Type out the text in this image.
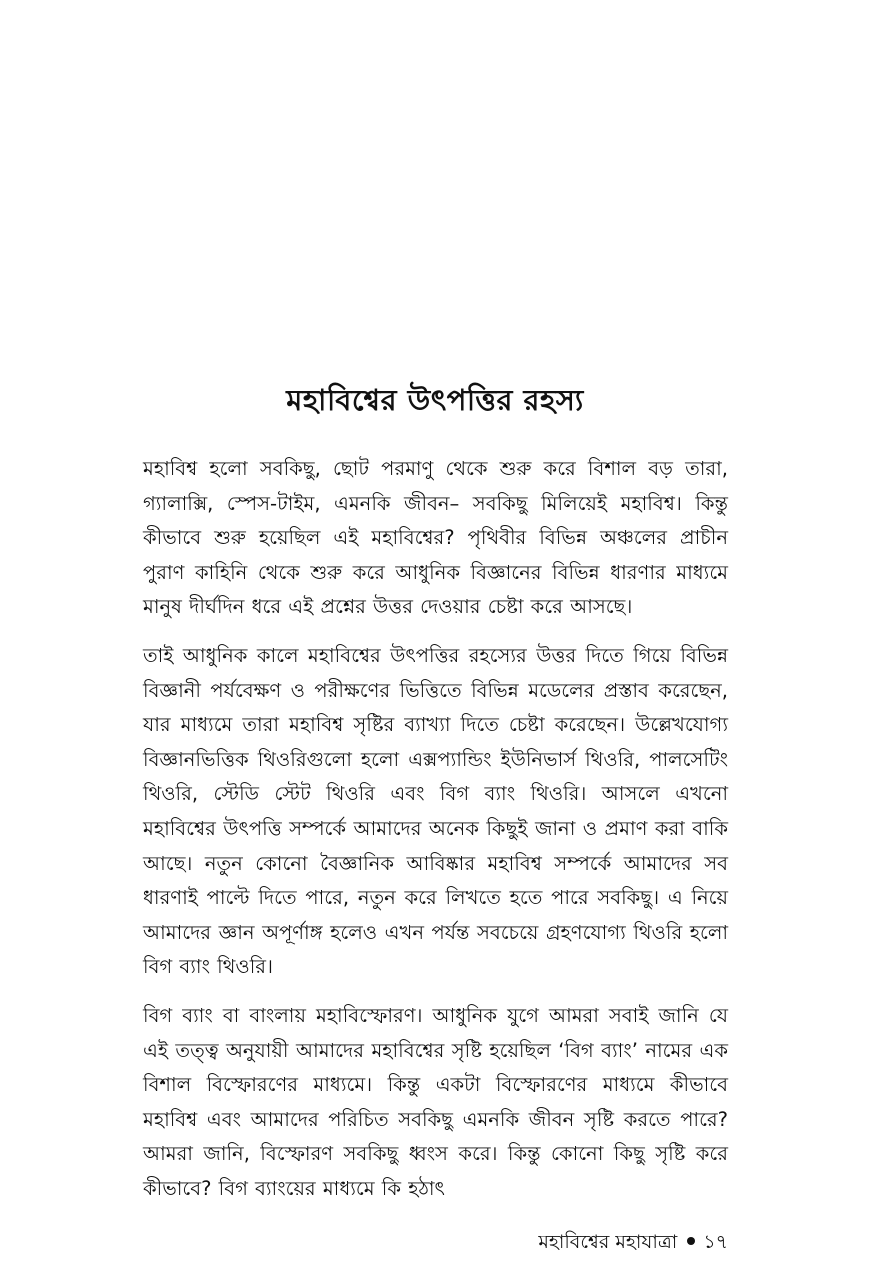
মহাবিশ্বের উৎপত্তির রহস্য

মহাবিশ্ব হলো সবকিছু, ছোট পরমাণু থেকে শুরু করে বিশাল বড় তারা, গ্যালাক্সি, স্পেস-টাইম, এমনকি জীবন– সবকিছু মিলিয়েই মহাবিশ্ব। কিন্তু কীভাবে শুরু হয়েছিল এই মহাবিশ্বের? পৃথিবীর বিভিন্ন অঞ্চলের প্রাচীন পুরাণ কাহিনি থেকে শুরু করে আধুনিক বিজ্ঞানের বিভিন্ন ধারণার মাধ্যমে মানুষ দীর্ঘদিন ধরে এই প্রশ্নের উত্তর দেওয়ার চেষ্টা করে আসছে।

তাই আধুনিক কালে মহাবিশ্বের উৎপত্তির রহস্যের উত্তর দিতে গিয়ে বিভিন্ন বিজ্ঞানী পর্যবেক্ষণ ও পরীক্ষণের ভিত্তিতে বিভিন্ন মডেলের প্রস্তাব করেছেন, যার মাধ্যমে তারা মহাবিশ্ব সৃষ্টির ব্যাখ্যা দিতে চেষ্টা করেছেন। উল্লেখযোগ্য বিজ্ঞানভিত্তিক থিওরিগুলো হলো এক্সপ্যান্ডিং ইউনিভার্স থিওরি, পালসেটিং থিওরি, স্টেডি স্টেট থিওরি এবং বিগ ব্যাং থিওরি। আসলে এখনো মহাবিশ্বের উৎপত্তি সম্পর্কে আমাদের অনেক কিছুই জানা ও প্রমাণ করা বাকি আছে। নতুন কোনো বৈজ্ঞানিক আবিষ্কার মহাবিশ্ব সম্পর্কে আমাদের সব ধারণাই পাল্টে দিতে পারে, নতুন করে লিখতে হতে পারে সবকিছু। এ নিয়ে আমাদের জ্ঞান অপূর্ণাঙ্গ হলেও এখন পর্যন্ত সবচেয়ে গ্রহণযোগ্য থিওরি হলো বিগ ব্যাং থিওরি।

বিগ ব্যাং বা বাংলায় মহাবিস্ফোরণ। আধুনিক যুগে আমরা সবাই জানি যে এই তত্ত্ব অনুযায়ী আমাদের মহাবিশ্বের সৃষ্টি হয়েছিল ‘বিগ ব্যাং’ নামের এক বিশাল বিস্ফোরণের মাধ্যমে। কিন্তু একটা বিস্ফোরণের মাধ্যমে কীভাবে মহাবিশ্ব এবং আমাদের পরিচিত সবকিছু এমনকি জীবন সৃষ্টি করতে পারে? আমরা জানি, বিস্ফোরণ সবকিছু ধ্বংস করে। কিন্তু কোনো কিছু সৃষ্টি করে কীভাবে? বিগ ব্যাংয়ের মাধ্যমে কি হঠাৎ

মহাবিশ্বের মহাযাত্রা ১৭
